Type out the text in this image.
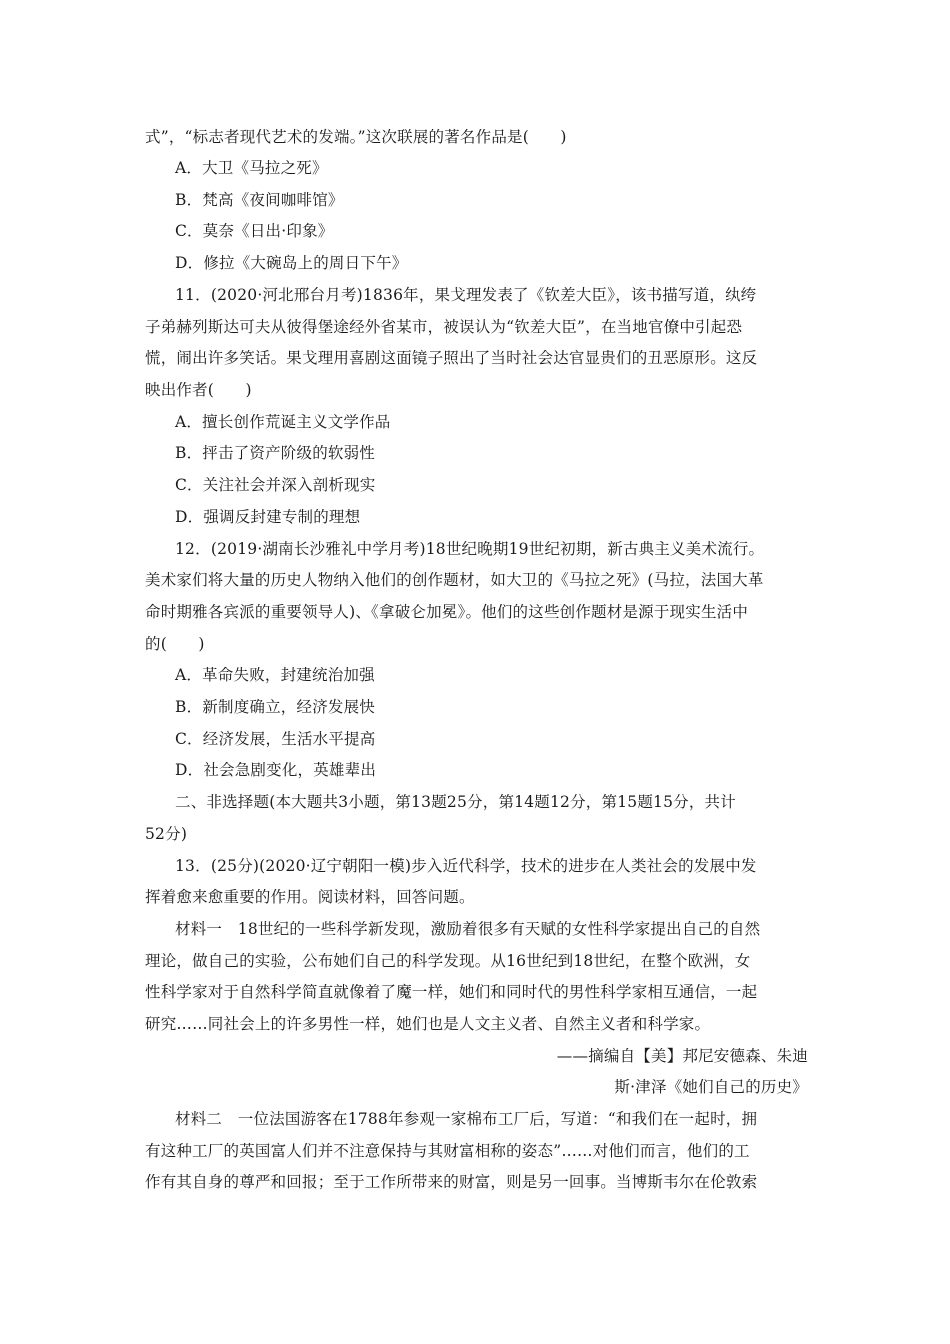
式”，“标志者现代艺术的发端。”这次联展的著名作品是(　　)
A．大卫《马拉之死》
B．梵高《夜间咖啡馆》
C．莫奈《日出·印象》
D．修拉《大碗岛上的周日下午》
11．(2020·河北邢台月考)1836年，果戈理发表了《钦差大臣》，该书描写道，纨绔
子弟赫列斯达可夫从彼得堡途经外省某市，被误认为“钦差大臣”，在当地官僚中引起恐
慌，闹出许多笑话。果戈理用喜剧这面镜子照出了当时社会达官显贵们的丑恶原形。这反
映出作者(　　)
A．擅长创作荒诞主义文学作品
B．抨击了资产阶级的软弱性
C．关注社会并深入剖析现实
D．强调反封建专制的理想
12．(2019·湖南长沙雅礼中学月考)18世纪晚期19世纪初期，新古典主义美术流行。
美术家们将大量的历史人物纳入他们的创作题材，如大卫的《马拉之死》(马拉，法国大革
命时期雅各宾派的重要领导人)、《拿破仑加冕》。他们的这些创作题材是源于现实生活中
的(　　)
A．革命失败，封建统治加强
B．新制度确立，经济发展快
C．经济发展，生活水平提高
D．社会急剧变化，英雄辈出
二、非选择题(本大题共3小题，第13题25分，第14题12分，第15题15分，共计
52分)
13．(25分)(2020·辽宁朝阳一模)步入近代科学，技术的进步在人类社会的发展中发
挥着愈来愈重要的作用。阅读材料，回答问题。
材料一　18世纪的一些科学新发现，激励着很多有天赋的女性科学家提出自己的自然
理论，做自己的实验，公布她们自己的科学发现。从16世纪到18世纪，在整个欧洲，女
性科学家对于自然科学简直就像着了魔一样，她们和同时代的男性科学家相互通信，一起
研究……同社会上的许多男性一样，她们也是人文主义者、自然主义者和科学家。
——摘编自【美】邦尼安德森、朱迪
斯·津泽《她们自己的历史》
材料二　一位法国游客在1788年参观一家棉布工厂后，写道：“和我们在一起时，拥
有这种工厂的英国富人们并不注意保持与其财富相称的姿态”……对他们而言，他们的工
作有其自身的尊严和回报；至于工作所带来的财富，则是另一回事。当博斯韦尔在伦敦索
